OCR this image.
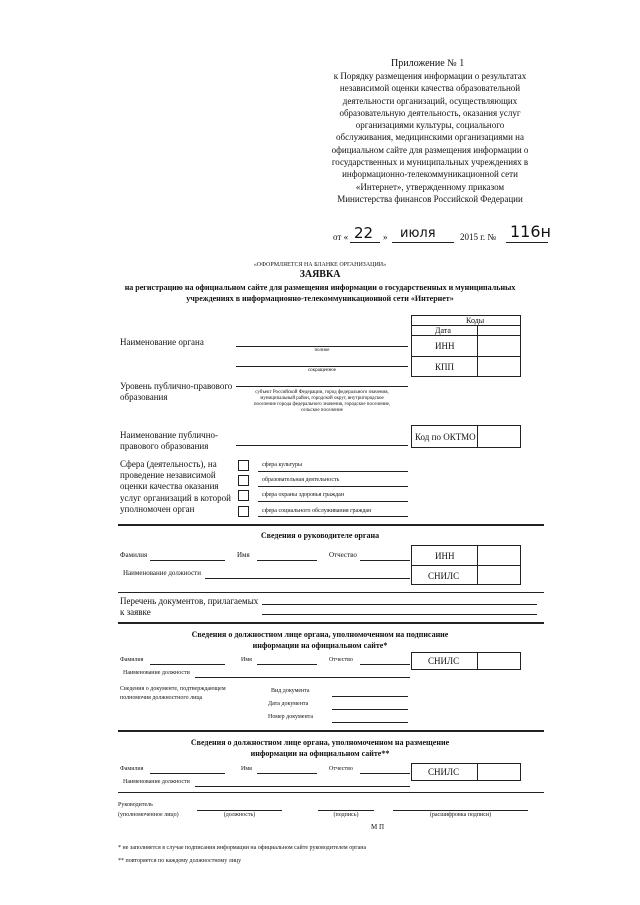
Приложение № 1
к Порядку размещения информации о результатах
независимой оценки качества образовательной
деятельности организаций, осуществляющих
образовательную деятельность, оказания услуг
организациями культуры, социального
обслуживания, медицинскими организациями на
официальном сайте для размещения информации о
государственных и муниципальных учреждениях в
информационно-телекоммуникационной сети
«Интернет», утвержденному приказом
Министерства финансов Российской Федерации
от « 22 » июля	2015 г. № 116н
«ОФОРМЛЯЕТСЯ НА БЛАНКЕ ОРГАНИЗАЦИИ»
ЗАЯВКА
на регистрацию на официальном сайте для размещения информации о государственных и муниципальных
учреждениях в информационно-телекоммуникационной сети «Интернет»
Коды
Дата
ИНН
КПП
Наименование органа
полное
сокращенное
Уровень публично-правового
образования	субъект Российской Федерации, город федерального значения,
муниципальный район, городской округ, внутригородское
поселение города федерального значения, городское поселение,
сельское поселение
Наименование публично-
правового образования
Код по ОКТМО
Сфера (деятельность), на
проведение независимой
оценки качества оказания
услуг организаций в которой
уполномочен орган
сфера культуры
образовательная деятельность
сфера охраны здоровья граждан
сфера социального обслуживания граждан
Сведения о руководителе органа
Фамилия	Имя	Отчество	ИНН
Наименование должности	СНИЛС
Перечень документов, прилагаемых
к заявке
Сведения о должностном лице органа, уполномоченном на подписание
информации на официальном сайте*
Фамилия	Имя	Отчество	СНИЛС
Наименование должности
Сведения о документе, подтверждающем
полномочия должностного лица
Вид документа
Дата документа
Номер документа
Сведения о должностном лице органа, уполномоченном на размещение
информации на официальном сайте**
Фамилия	Имя	Отчество	СНИЛС
Наименование должности
Руководитель
(уполномоченное лицо)	(должность)	(подпись)	(расшифровка подписи)
М П
* не заполняется в случае подписания информации на официальном сайте руководителем органа
** повторяется по каждому должностному лицу
